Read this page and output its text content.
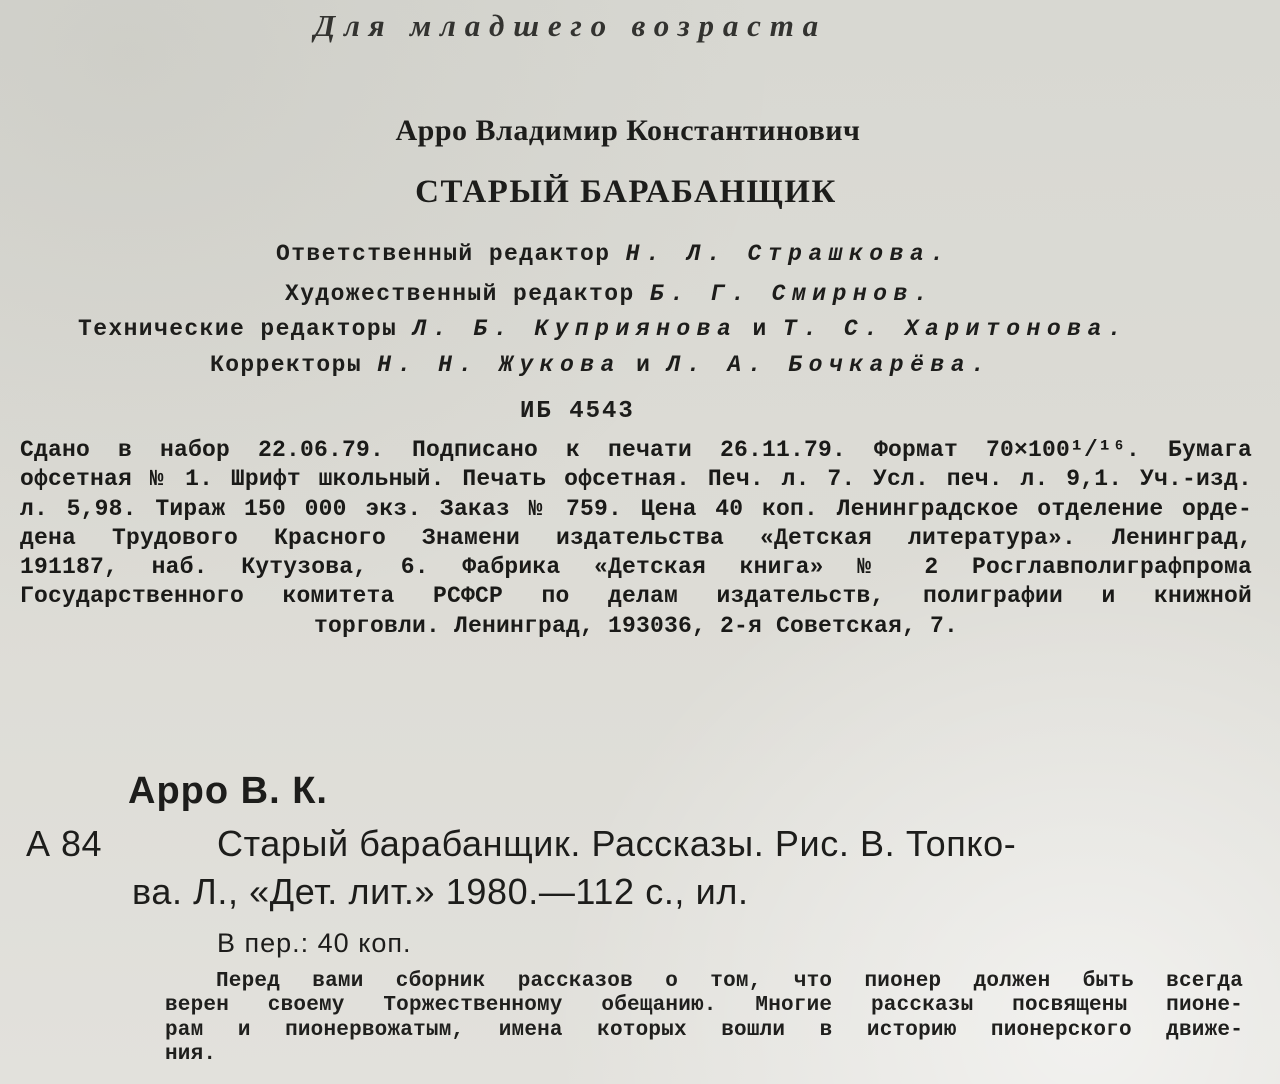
Для младшего возраста
Арро Владимир Константинович
СТАРЫЙ БАРАБАНЩИК
Ответственный редактор Н. Л. Страшкова.
Художественный редактор Б. Г. Смирнов.
Технические редакторы Л. Б. Куприянова и Т. С. Харитонова.
Корректоры Н. Н. Жукова и Л. А. Бочкарёва.
ИБ 4543
Сдано в набор 22.06.79. Подписано к печати 26.11.79. Формат 70×100¹/¹⁶. Бумага
офсетная № 1. Шрифт школьный. Печать офсетная. Печ. л. 7. Усл. печ. л. 9,1. Уч.-изд.
л. 5,98. Тираж 150 000 экз. Заказ № 759. Цена 40 коп. Ленинградское отделение орде-
дена Трудового Красного Знамени издательства «Детская литература». Ленинград,
191187, наб. Кутузова, 6. Фабрика «Детская книга» № 2 Росглавполиграфпрома
Государственного комитета РСФСР по делам издательств, полиграфии и книжной
торговли. Ленинград, 193036, 2-я Советская, 7.
Арро В. К.
А 84	Старый барабанщик. Рассказы. Рис. В. Топко-
ва. Л., «Дет. лит.» 1980.—112 с., ил.
В пер.: 40 коп.
Перед вами сборник рассказов о том, что пионер должен быть всегда
верен своему Торжественному обещанию. Многие рассказы посвящены пионе-
рам и пионервожатым, имена которых вошли в историю пионерского движе-
ния.
